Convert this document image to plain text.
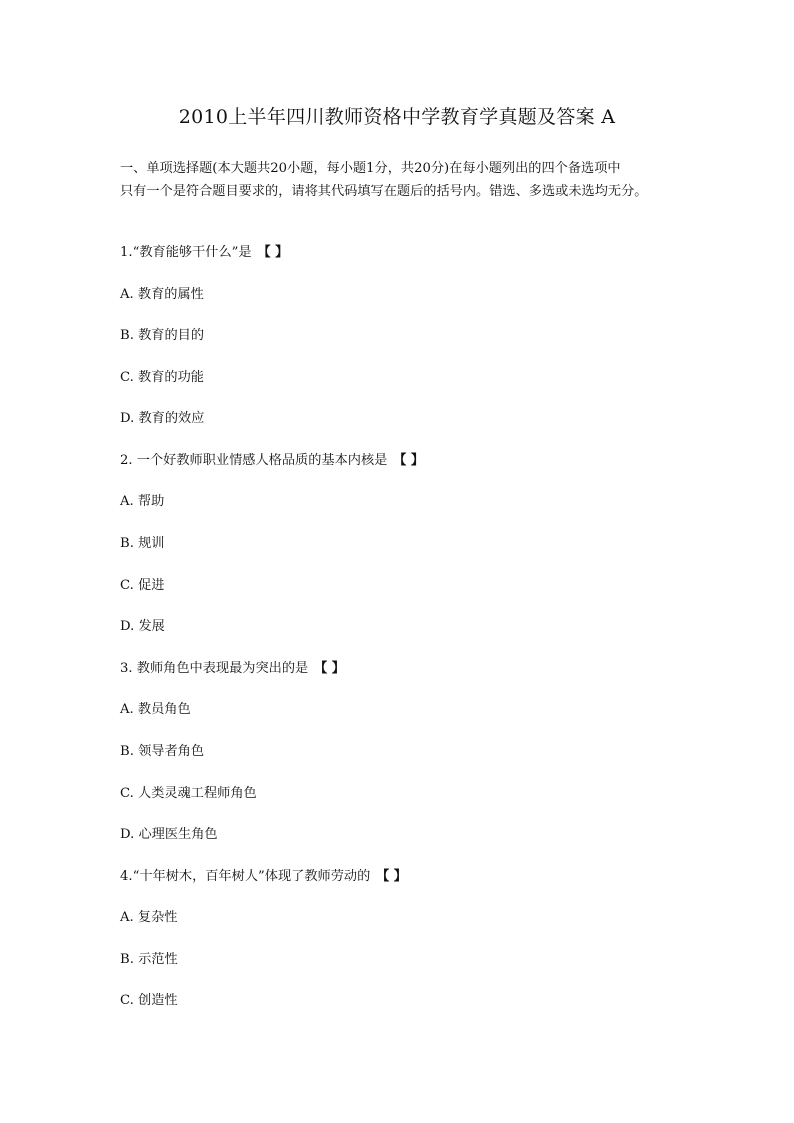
2010上半年四川教师资格中学教育学真题及答案 A

一、单项选择题(本大题共20小题，每小题1分，共20分)在每小题列出的四个备选项中

只有一个是符合题目要求的，请将其代码填写在题后的括号内。错选、多选或未选均无分。

1.“教育能够干什么”是 【 】
A. 教育的属性
B. 教育的目的
C. 教育的功能
D. 教育的效应
2. 一个好教师职业情感人格品质的基本内核是 【 】
A. 帮助
B. 规训
C. 促进
D. 发展
3. 教师角色中表现最为突出的是 【 】
A. 教员角色
B. 领导者角色
C. 人类灵魂工程师角色
D. 心理医生角色
4.“十年树木，百年树人”体现了教师劳动的 【 】
A. 复杂性
B. 示范性
C. 创造性
